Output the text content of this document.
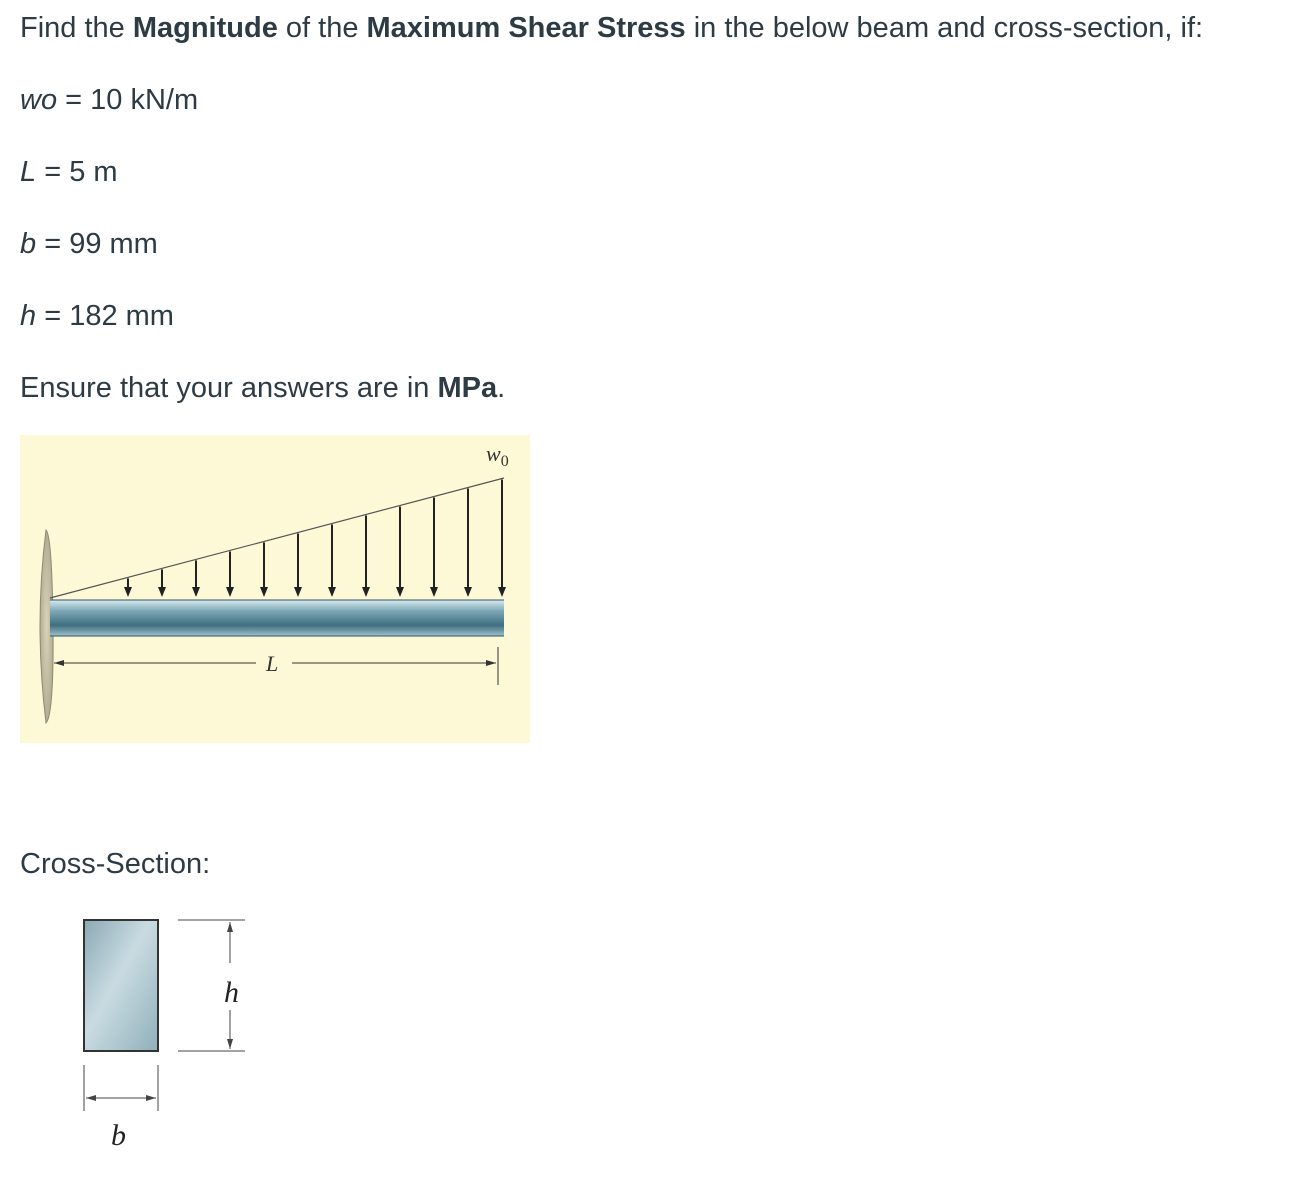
Find the Magnitude of the Maximum Shear Stress in the below beam and cross-section, if:

wo = 10 kN/m

L = 5 m

b = 99 mm

h = 182 mm

Ensure that your answers are in MPa.

$w_0$
L

Cross-Section:

h
b
